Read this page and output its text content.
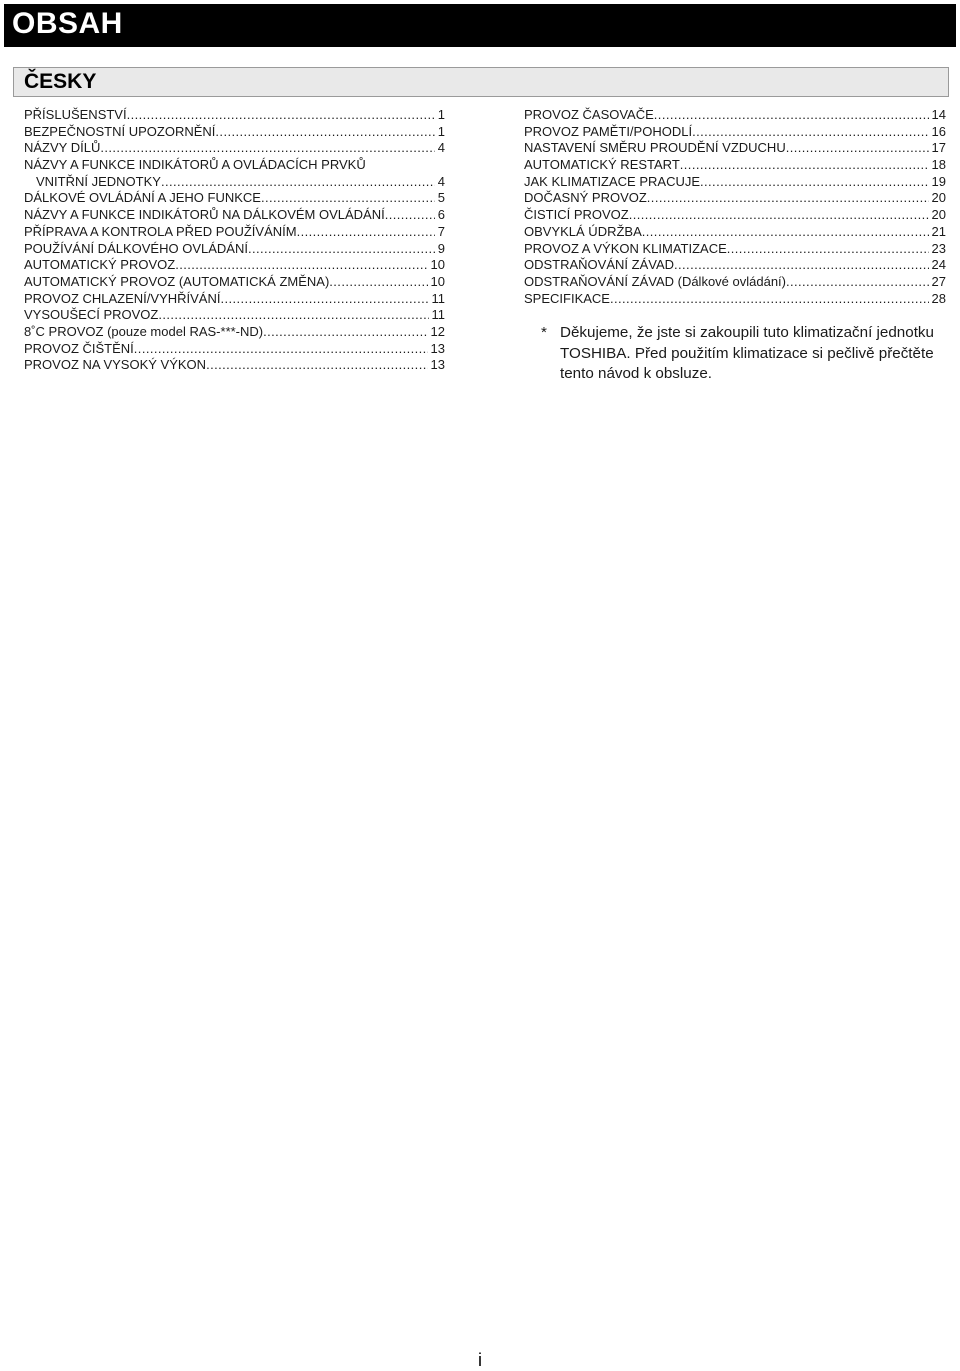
OBSAH
ČESKY
PŘÍSLUŠENSTVÍ .....	1
BEZPEČNOSTNÍ UPOZORNĚNÍ .....	1
NÁZVY DÍLŮ .....	4
NÁZVY A FUNKCE INDIKÁTORŮ A OVLÁDACÍCH PRVKŮ
VNITŘNÍ JEDNOTKY .....	4
DÁLKOVÉ OVLÁDÁNÍ A JEHO FUNKCE .....	5
NÁZVY A FUNKCE INDIKÁTORŮ NA DÁLKOVÉM OVLÁDÁNÍ .....	6
PŘÍPRAVA A KONTROLA PŘED POUŽÍVÁNÍM .....	7
POUŽÍVÁNÍ DÁLKOVÉHO OVLÁDÁNÍ .....	9
AUTOMATICKÝ PROVOZ .....	10
AUTOMATICKÝ PROVOZ (AUTOMATICKÁ ZMĚNA) .....	10
PROVOZ CHLAZENÍ/VYHŘÍVÁNÍ .....	11
VYSOUŠECÍ PROVOZ .....	11
8˚C PROVOZ (pouze model RAS-***-ND) .....	12
PROVOZ ČIŠTĚNÍ .....	13
PROVOZ NA VYSOKÝ VÝKON .....	13
PROVOZ ČASOVAČE .....	14
PROVOZ PAMĚTI/POHODLÍ .....	16
NASTAVENÍ SMĚRU PROUDĚNÍ VZDUCHU .....	17
AUTOMATICKÝ RESTART .....	18
JAK KLIMATIZACE PRACUJE .....	19
DOČASNÝ PROVOZ .....	20
ČISTICÍ PROVOZ .....	20
OBVYKLÁ ÚDRŽBA .....	21
PROVOZ A VÝKON KLIMATIZACE .....	23
ODSTRAŇOVÁNÍ ZÁVAD .....	24
ODSTRAŇOVÁNÍ ZÁVAD (Dálkové ovládání) .....	27
SPECIFIKACE .....	28
* Děkujeme, že jste si zakoupili tuto klimatizační jednotku TOSHIBA. Před použitím klimatizace si pečlivě přečtěte tento návod k obsluze.
i
